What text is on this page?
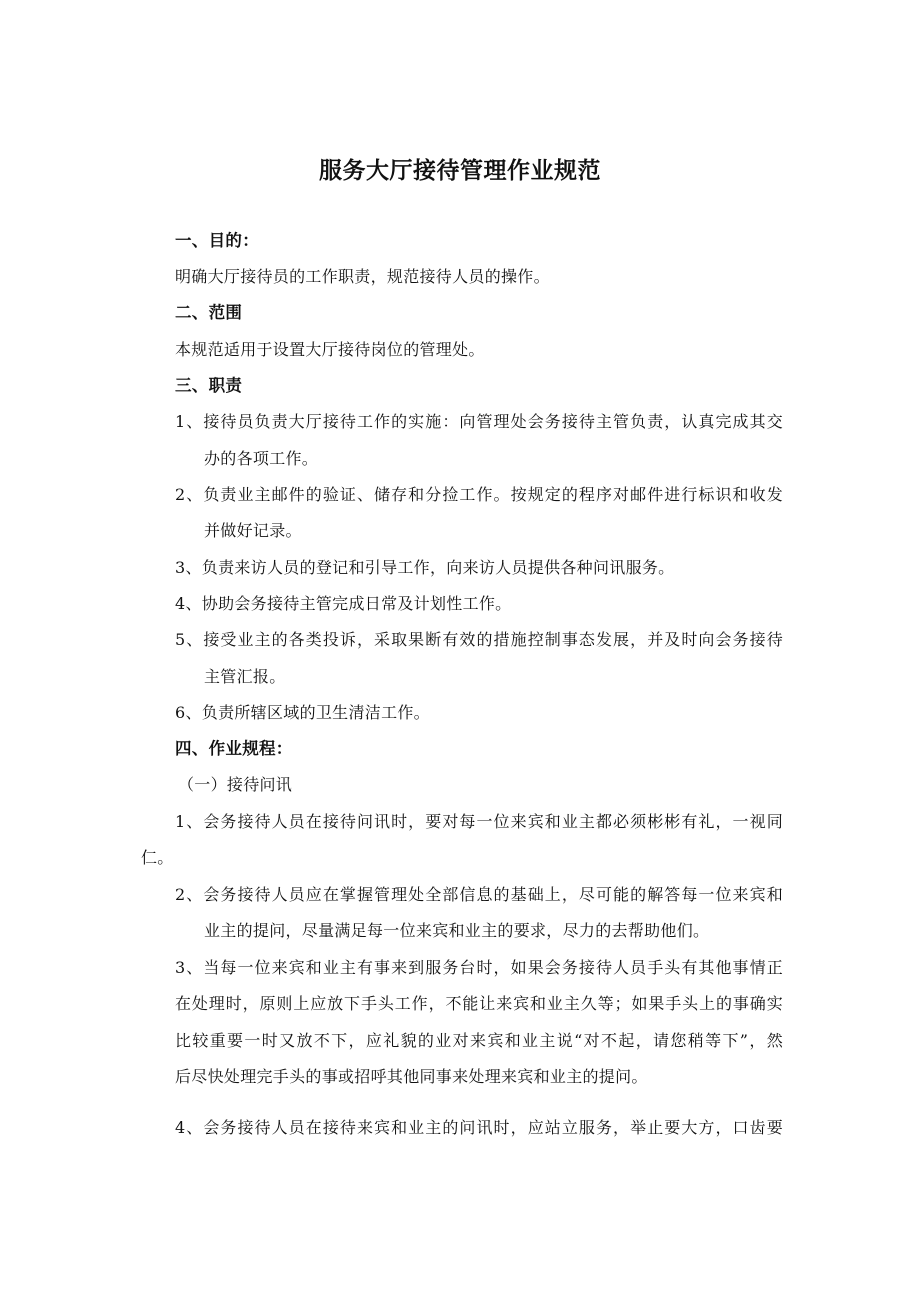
服务大厅接待管理作业规范

一、目的：

明确大厅接待员的工作职责，规范接待人员的操作。

二、范围

本规范适用于设置大厅接待岗位的管理处。

三、职责

1、接待员负责大厅接待工作的实施：向管理处会务接待主管负责，认真完成其交

办的各项工作。

2、负责业主邮件的验证、储存和分捡工作。按规定的程序对邮件进行标识和收发

并做好记录。

3、负责来访人员的登记和引导工作，向来访人员提供各种问讯服务。

4、协助会务接待主管完成日常及计划性工作。

5、接受业主的各类投诉，采取果断有效的措施控制事态发展，并及时向会务接待

主管汇报。

6、负责所辖区域的卫生清洁工作。

四、作业规程：

（一）接待问讯

1、会务接待人员在接待问讯时，要对每一位来宾和业主都必须彬彬有礼，一视同

仁。

2、会务接待人员应在掌握管理处全部信息的基础上，尽可能的解答每一位来宾和

业主的提问，尽量满足每一位来宾和业主的要求，尽力的去帮助他们。

3、当每一位来宾和业主有事来到服务台时，如果会务接待人员手头有其他事情正

在处理时，原则上应放下手头工作，不能让来宾和业主久等；如果手头上的事确实

比较重要一时又放不下，应礼貌的业对来宾和业主说“对不起，请您稍等下”，然

后尽快处理完手头的事或招呼其他同事来处理来宾和业主的提问。

4、会务接待人员在接待来宾和业主的问讯时，应站立服务，举止要大方，口齿要
